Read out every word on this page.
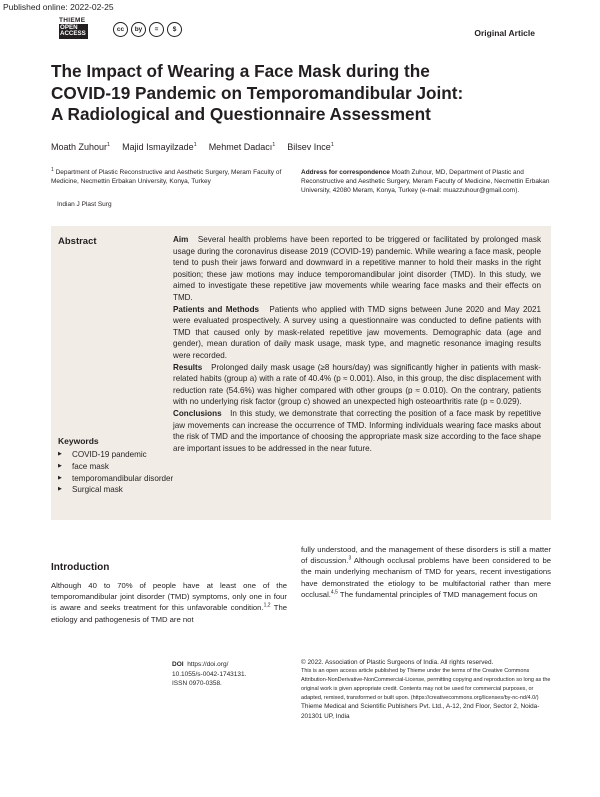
Published online: 2022-02-25
THIEME
OPEN
ACCESS
cc	by	=	$	Original Article
The Impact of Wearing a Face Mask during the
COVID-19 Pandemic on Temporomandibular Joint:
A Radiological and Questionnaire Assessment
Moath Zuhour$^1$ Majid Ismayilzade$^1$ Mehmet Dadacı$^1$ Bilsev Ince$^1$
$^1$ Department of Plastic Reconstructive and Aesthetic Surgery, Meram Faculty of Medicine, Necmettin Erbakan University, Konya, Turkey
Indian J Plast Surg
Address for correspondence Moath Zuhour, MD, Department of Plastic and Reconstructive and Aesthetic Surgery, Meram Faculty of Medicine, Necmettin Erbakan University, 42080 Meram, Konya, Turkey (e-mail: muazzuhour@gmail.com).
Abstract	Aim Several health problems have been reported to be triggered or facilitated by prolonged mask usage during the coronavirus disease 2019 (COVID-19) pandemic. While wearing a face mask, people tend to push their jaws forward and downward in a repetitive manner to hold their masks in the right position; these jaw motions may induce temporomandibular joint disorder (TMD). In this study, we aimed to investigate these repetitive jaw movements while wearing face masks and their effects on TMD.

Patients and Methods Patients who applied with TMD signs between June 2020 and May 2021 were evaluated prospectively. A survey using a questionnaire was conducted to define patients with TMD that caused only by mask-related repetitive jaw movements. Demographic data (age and gender), mean duration of daily mask usage, mask type, and magnetic resonance imaging results were recorded.

Results Prolonged daily mask usage (≥8 hours/day) was significantly higher in patients with mask-related habits (group a) with a rate of 40.4% (p ≈ 0.001). Also, in this group, the disc displacement with reduction rate (54.6%) was higher compared with other groups (p ≈ 0.010). On the contrary, patients with no underlying risk factor (group c) showed an unexpected high osteoarthritis rate (p ≈ 0.029).

Conclusions In this study, we demonstrate that correcting the position of a face mask by repetitive jaw movements can increase the occurrence of TMD. Informing individuals wearing face masks about the risk of TMD and the importance of choosing the appropriate mask size according to the face shape are important issues to be addressed in the near future.

Keywords
▶ COVID-19 pandemic
▶ face mask
▶ temporomandibular disorder
▶ Surgical mask
Introduction
Although 40 to 70% of people have at least one of the temporomandibular joint disorder (TMD) symptoms, only one in four is aware and seeks treatment for this unfavorable condition.$^{1,2}$ The etiology and pathogenesis of TMD are not
fully understood, and the management of these disorders is still a matter of discussion.$^3$ Although occlusal problems have been considered to be the main underlying mechanism of TMD for years, recent investigations have demonstrated the etiology to be multifactorial rather than mere occlusal.$^{4,5}$ The fundamental principles of TMD management focus on
DOI https://doi.org/
10.1055/s-0042-1743131.
ISSN 0970-0358.
© 2022. Association of Plastic Surgeons of India. All rights reserved.
This is an open access article published by Thieme under the terms of the Creative Commons Attribution-NonDerivative-NonCommercial-License, permitting copying and reproduction so long as the original work is given appropriate credit. Contents may not be used for commercial purposes, or adapted, remixed, transformed or built upon. (https://creativecommons.org/licenses/by-nc-nd/4.0/)
Thieme Medical and Scientific Publishers Pvt. Ltd., A-12, 2nd Floor, Sector 2, Noida-201301 UP, India
